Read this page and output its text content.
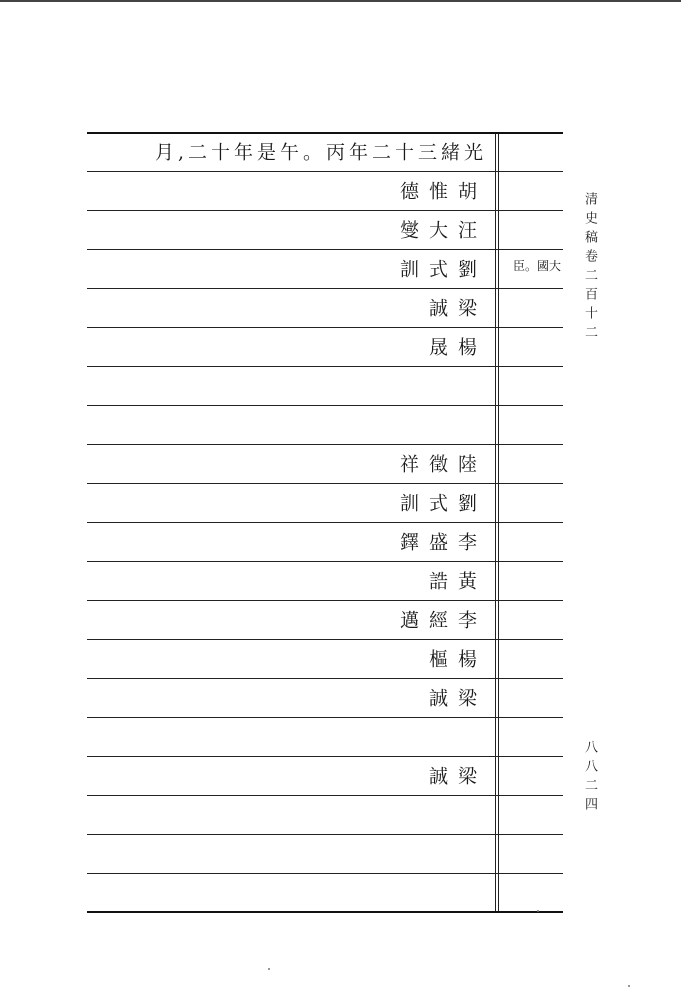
月,二十年是午。丙年二十三緒光
德惟胡
燮大汪
訓式劉 臣。國大
誠梁
晟楊
祥徵陸
訓式劉
鐸盛李
誥黃
邁經李
樞楊
誠梁
誠梁
清史稿卷二百十二
八八二四
